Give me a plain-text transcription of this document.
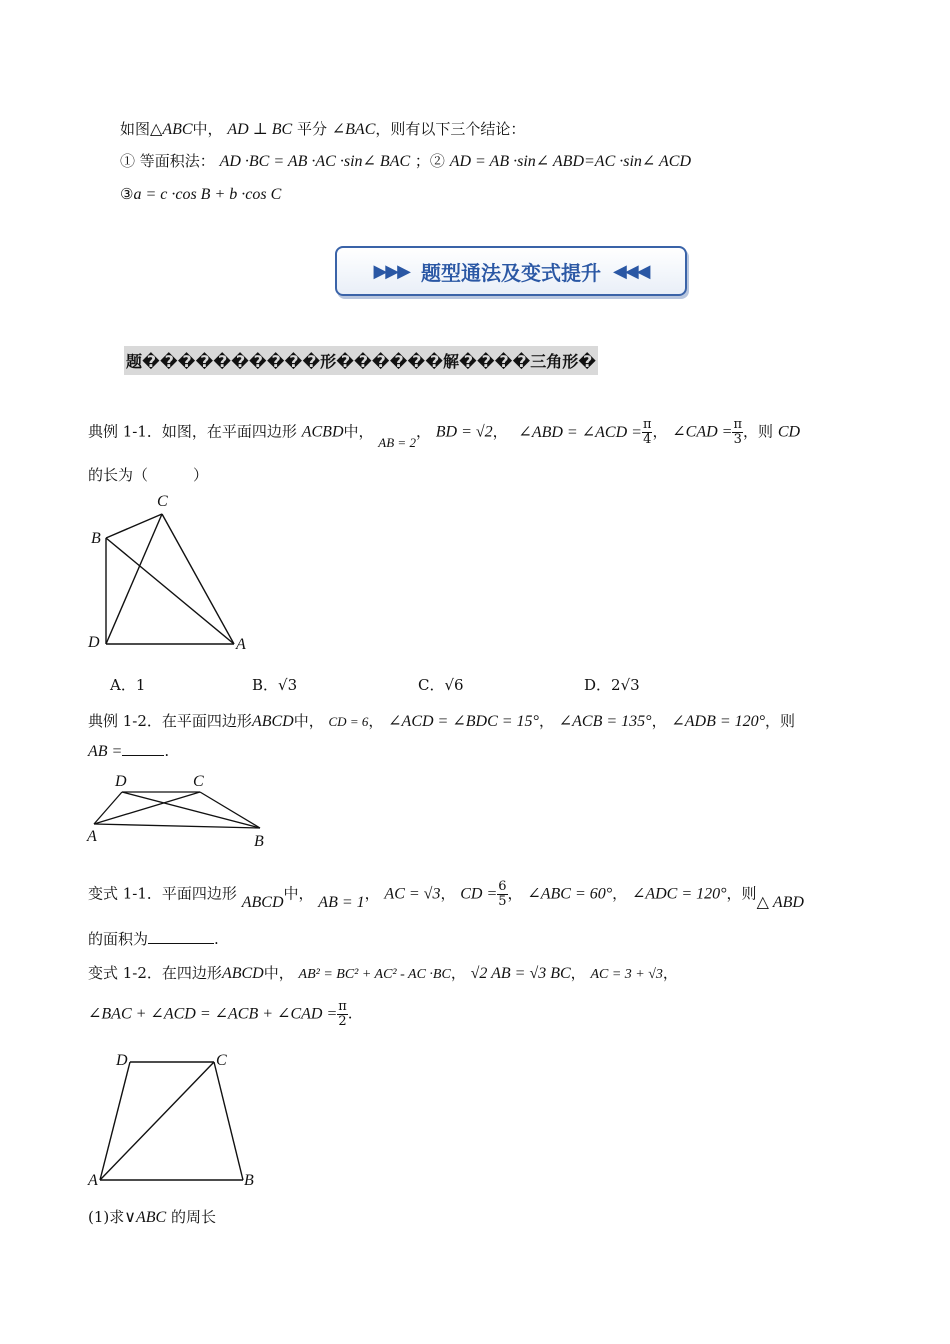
如图△ABC中， AD ⊥ BC 平分 ∠BAC，则有以下三个结论：
① 等面积法： AD ·BC = AB ·AC ·sin∠ BAC ；② AD = AB ·sin∠ ABD=AC ·sin∠ ACD
③a = c ·cos B + b ·cos C
▶▶▶ 题型通法及变式提升 ◀◀◀
题����������形������解����三角形�
典例 1-1．如图，在平面四边形 ACBD中， AB = 2， BD = √2， ∠ABD = ∠ACD = $\frac{\pi}{4}$ ， ∠CAD = $\frac{\pi}{3}$ ，则 CD
的长为（　　　）
C
B
D	A
A．1	B．√3	C．√6	D．2√3
典例 1-2．在平面四边形ABCD中， CD = 6， ∠ACD = ∠BDC = 15°， ∠ACB = 135°， ∠ADB = 120°，则
AB =	.
D	C
A	B
变式 1-1．平面四边形 ABCD中， AB = 1， AC = √3， CD = $\frac{6}{5}$ ， ∠ABC = 60°， ∠ADC = 120°，则△ ABD
的面积为	.
变式 1-2．在四边形ABCD中， AB² = BC² + AC² - AC ·BC， √2 AB = √3 BC， AC = 3 + √3，
∠BAC + ∠ACD = ∠ACB + ∠CAD = $\frac{\pi}{2}$ .
D	C
A	B
(1)求∨ABC 的周长
